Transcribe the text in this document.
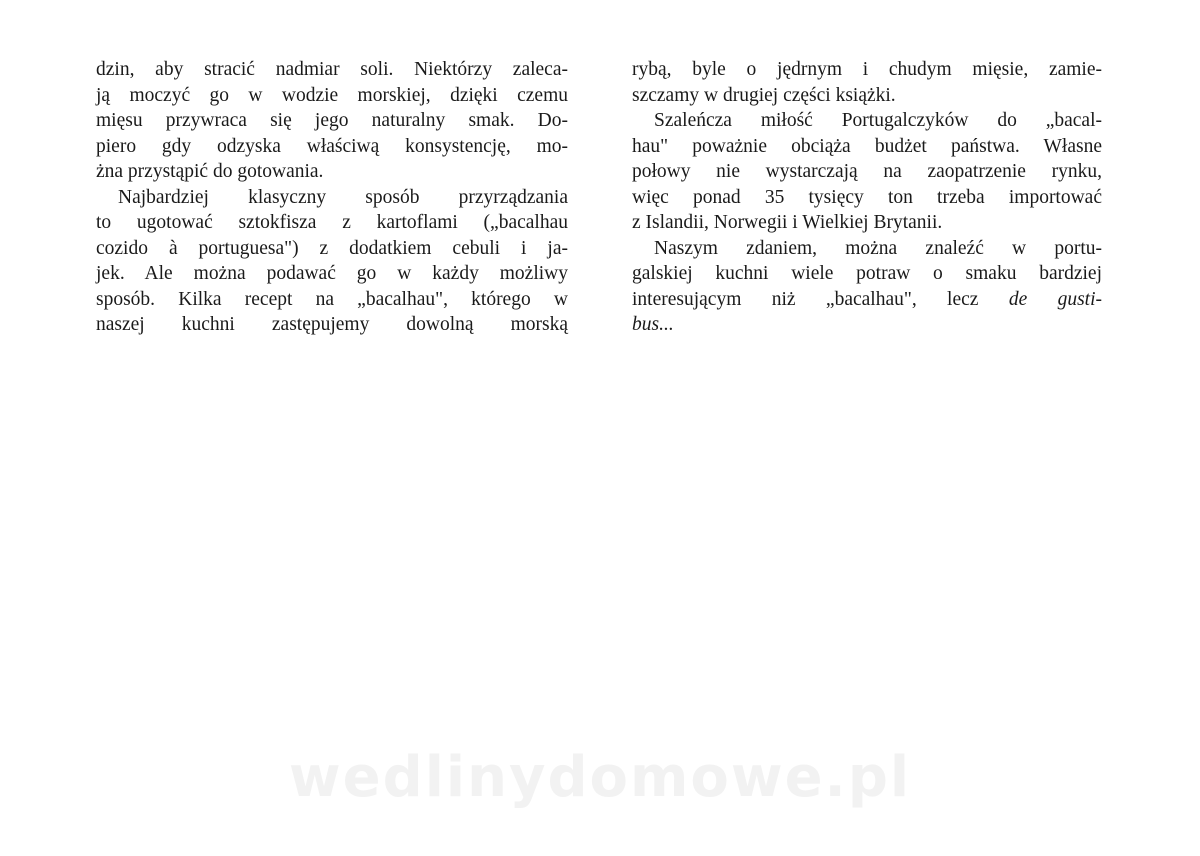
dzin, aby stracić nadmiar soli. Niektórzy zaleca-
ją moczyć go w wodzie morskiej, dzięki czemu
mięsu przywraca się jego naturalny smak. Do-
piero gdy odzyska właściwą konsystencję, mo-
żna przystąpić do gotowania.
Najbardziej klasyczny sposób przyrządzania
to ugotować sztokfisza z kartoflami („bacalhau
cozido à portuguesa") z dodatkiem cebuli i ja-
jek. Ale można podawać go w każdy możliwy
sposób. Kilka recept na „bacalhau", którego w
naszej kuchni zastępujemy dowolną morską
rybą, byle o jędrnym i chudym mięsie, zamie-
szczamy w drugiej części książki.
Szaleńcza miłość Portugalczyków do „bacal-
hau" poważnie obciąża budżet państwa. Własne
połowy nie wystarczają na zaopatrzenie rynku,
więc ponad 35 tysięcy ton trzeba importować
z Islandii, Norwegii i Wielkiej Brytanii.
Naszym zdaniem, można znaleźć w portu-
galskiej kuchni wiele potraw o smaku bardziej
interesującym niż „bacalhau", lecz de gusti-
bus...
wedlinydomowe.pl
